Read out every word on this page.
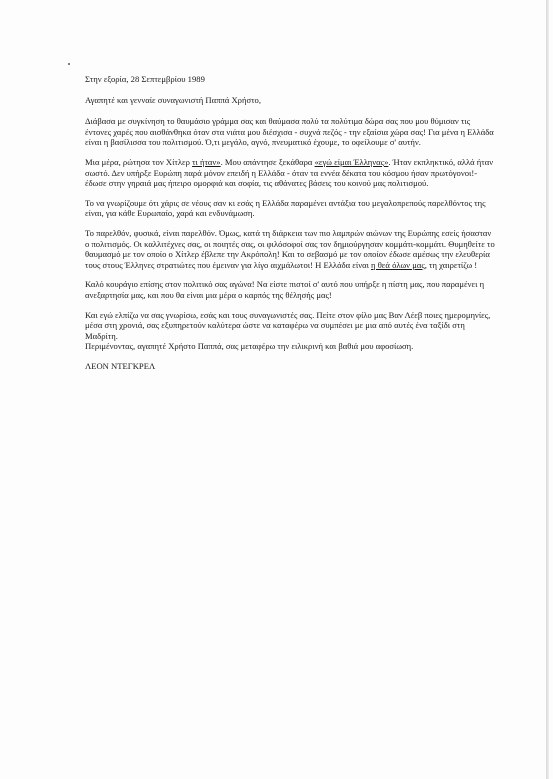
Στην εξορία, 28 Σεπτεμβρίου 1989

Αγαπητέ και γενναίε συναγωνιστή Παππά Χρήστο,

Διάβασα με συγκίνηση το θαυμάσιο γράμμα σας και θαύμασα πολύ τα πολύτιμα δώρα σας που μου θύμισαν τις έντονες χαρές που αισθάνθηκα όταν στα νιάτα μου διέσχισα - συχνά πεζός - την εξαίσια χώρα σας! Για μένα η Ελλάδα είναι η βασίλισσα του πολιτισμού. Ό,τι μεγάλο, αγνό, πνευματικό έχουμε, το οφείλουμε σ' αυτήν.

Μια μέρα, ρώτησα τον Χίτλερ τι ήταν». Μου απάντησε ξεκάθαρα «εγώ είμαι Έλληνας». Ήταν εκπληκτικό, αλλά ήταν σωστό. Δεν υπήρξε Ευρώπη παρά μόνον επειδή η Ελλάδα - όταν τα εννέα δέκατα του κόσμου ήσαν πρωτόγονοι!- έδωσε στην γηραιά μας ήπειρο ομορφιά και σοφία, τις αθάνατες βάσεις του κοινού μας πολιτισμού.

Το να γνωρίζουμε ότι χάρις σε νέους σαν κι εσάς η Ελλάδα παραμένει αντάξια του μεγαλοπρεπούς παρελθόντος της είναι, για κάθε Ευρωπαίο, χαρά και ενδυνάμωση.

Το παρελθόν, φυσικά, είναι παρελθόν. Όμως, κατά τη διάρκεια των πιο λαμπρών αιώνων της Ευρώπης εσείς ήσασταν ο πολιτισμός. Οι καλλιτέχνες σας, οι ποιητές σας, οι φιλόσοφοί σας τον δημιούργησαν κομμάτι-κομμάτι. Θυμηθείτε το θαυμασμό με τον οποίο ο Χίτλερ έβλεπε την Ακρόπολη! Και το σεβασμό με τον οποίον έδωσε αμέσως την ελευθερία τους στους Έλληνες στρατιώτες που έμειναν για λίγο αιχμάλωτοι! Η Ελλάδα είναι η θεά όλων μας, τη χαιρετίζω !

Καλό κουράγιο επίσης στον πολιτικό σας αγώνα! Να είστε πιστοί σ' αυτό που υπήρξε η πίστη μας, που παραμένει η ανεξαρτησία μας, και που θα είναι μια μέρα ο καρπός της θέλησής μας!

Και εγώ ελπίζω να σας γνωρίσω, εσάς και τους συναγωνιστές σας. Πείτε στον φίλο μας Βαν Λέεβ ποιες ημερομηνίες, μέσα στη χρονιά, σας εξυπηρετούν καλύτερα ώστε να καταφέρω να συμπέσει με μια από αυτές ένα ταξίδι στη Μαδρίτη.

Περιμένοντας, αγαπητέ Χρήστο Παππά, σας μεταφέρω την ειλικρινή και βαθιά μου αφοσίωση.

ΛΕΟΝ ΝΤΕΓΚΡΕΛ
